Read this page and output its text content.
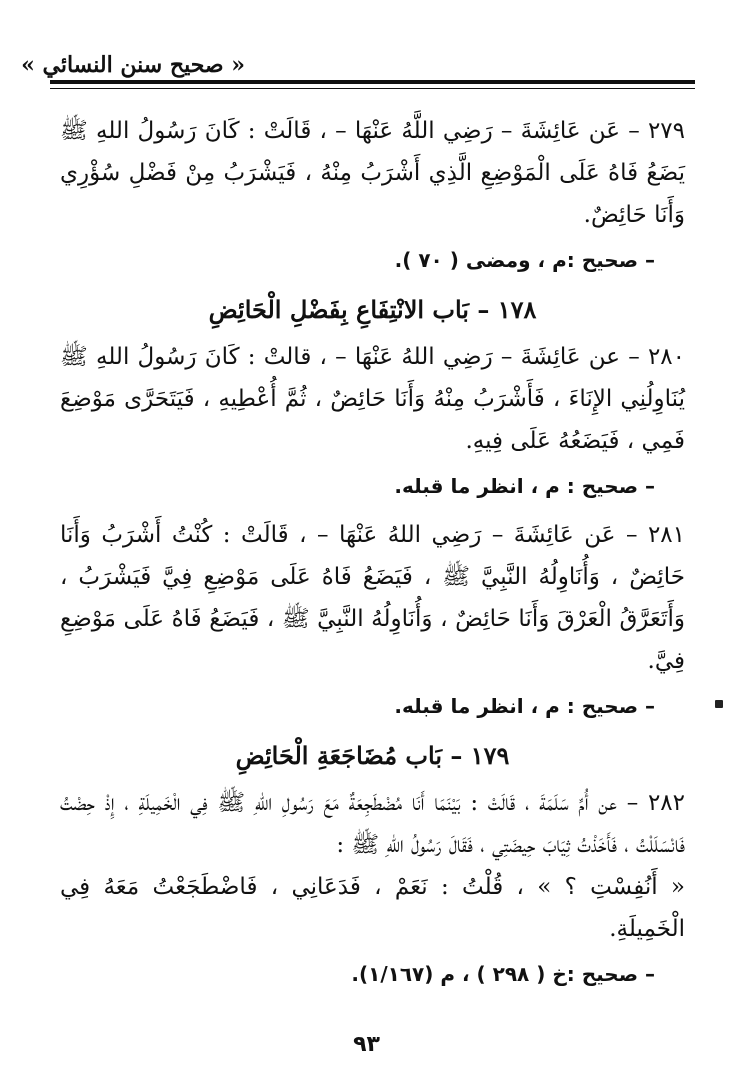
« صحيح سنن النسائي »

٢٧٩ – عَن عَائِشَةَ – رَضِي اللَّهُ عَنْهَا – ، قَالَتْ : كَانَ رَسُولُ اللهِ ﷺ يَضَعُ فَاهُ عَلَى الْمَوْضِعِ الَّذِي أَشْرَبُ مِنْهُ ، فَيَشْرَبُ مِنْ فَضْلِ سُؤْرِي وَأَنَا حَائِضٌ.

– صحيح :م ، ومضى ( ٧٠ ).
١٧٨ – بَاب الانْتِفَاعِ بِفَضْلِ الْحَائِضِ

٢٨٠ – عن عَائِشَةَ – رَضِي اللهُ عَنْهَا – ، قالتْ : كَانَ رَسُولُ اللهِ ﷺ يُنَاوِلُنِي الإِنَاءَ ، فَأَشْرَبُ مِنْهُ وَأَنَا حَائِضٌ ، ثُمَّ أُعْطِيهِ ، فَيَتَحَرَّى مَوْضِعَ فَمِي ، فَيَضَعُهُ عَلَى فِيهِ.

– صحيح : م ، انظر ما قبله.

٢٨١ – عَن عَائِشَةَ – رَضِي اللهُ عَنْهَا – ، قَالَتْ : كُنْتُ أَشْرَبُ وَأَنَا حَائِضٌ ، وَأُنَاوِلُهُ النَّبِيَّ ﷺ ، فَيَضَعُ فَاهُ عَلَى مَوْضِعِ فِيَّ فَيَشْرَبُ ، وَأَتَعَرَّقُ الْعَرْقَ وَأَنَا حَائِضٌ ، وَأُنَاوِلُهُ النَّبِيَّ ﷺ ، فَيَضَعُ فَاهُ عَلَى مَوْضِعِ فِيَّ.

– صحيح : م ، انظر ما قبله.
١٧٩ – بَاب مُضَاجَعَةِ الْحَائِضِ

٢٨٢ – عن أُمِّ سَلَمَةَ ، قَالَتْ : بَيْنَمَا أَنَا مُضْطَجِعَةٌ مَعَ رَسُولِ اللهِ ﷺ فِي الْخَمِيلَةِ ، إِذْ حِضْتُ فَانْسَلَلْتُ ، فَأَخَذْتُ ثِيَابَ حِيضَتِي ، فَقَالَ رَسُولُ اللهِ ﷺ :

« أَنُفِسْتِ ؟ » ، قُلْتُ : نَعَمْ ، فَدَعَانِي ، فَاضْطَجَعْتُ مَعَهُ فِي الْخَمِيلَةِ.

– صحيح :خ ( ٢٩٨ ) ، م (١/١٦٧).
٩٣
